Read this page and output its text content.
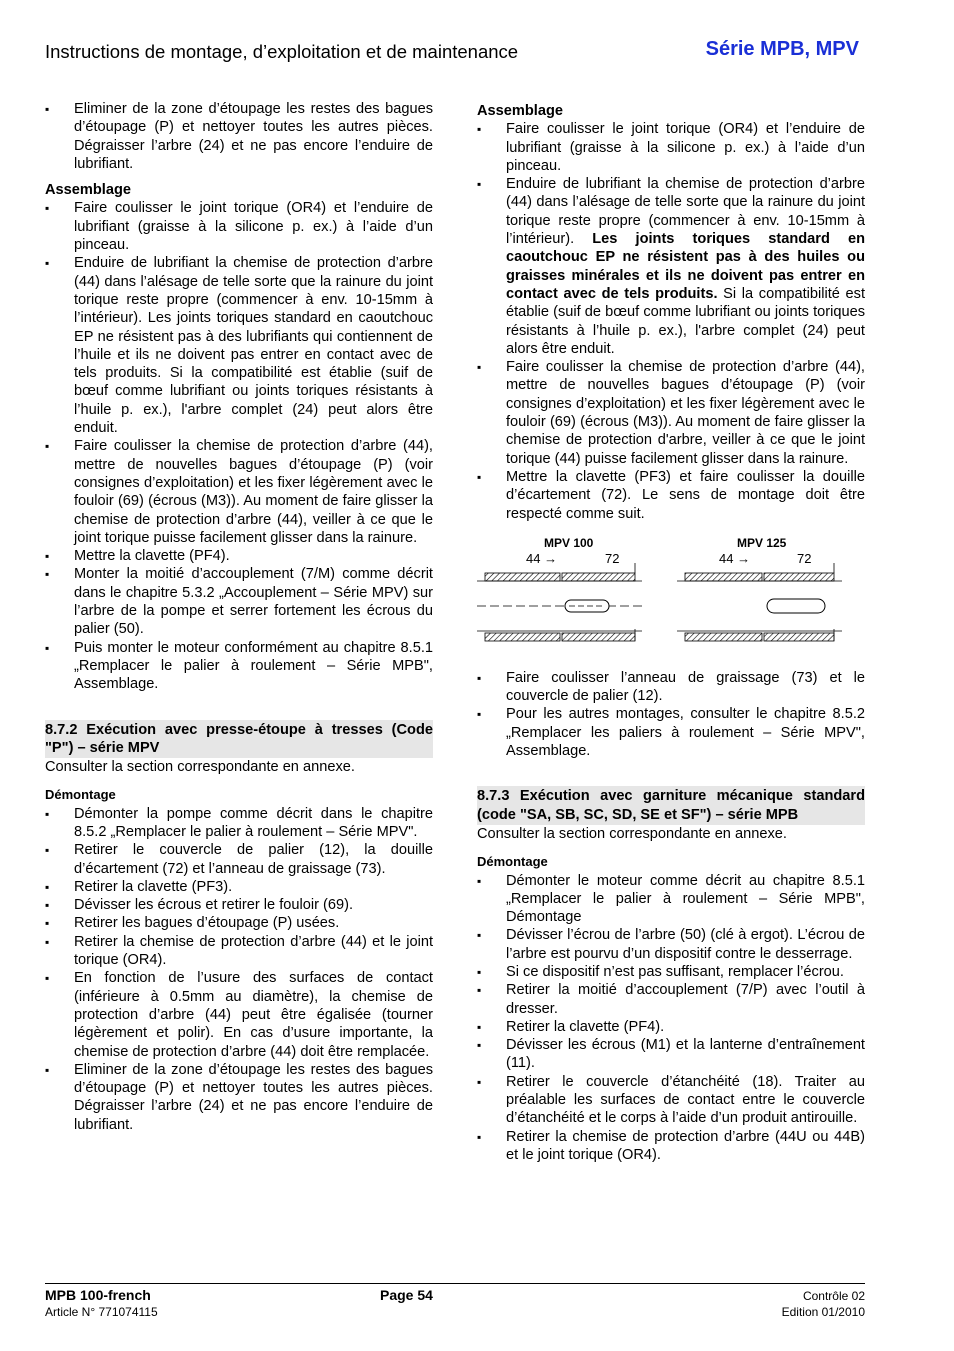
Instructions de montage, d’exploitation et de maintenance	Série MPB, MPV
▪ Eliminer de la zone d’étoupage les restes des bagues d’étoupage (P) et nettoyer toutes les autres pièces. Dégraisser l’arbre (24) et ne pas encore l’enduire de lubrifiant.
Assemblage
▪ Faire coulisser le joint torique (OR4) et l’enduire de lubrifiant (graisse à la silicone p. ex.) à l’aide d’un pinceau.
▪ Enduire de lubrifiant la chemise de protection d’arbre (44) dans l’alésage de telle sorte que la rainure du joint torique reste propre (commencer à env. 10-15mm à l’intérieur). Les joints toriques standard en caoutchouc EP ne résistent pas à des lubrifiants qui contiennent de l’huile et ils ne doivent pas entrer en contact avec de tels produits. Si la compatibilité est établie (suif de bœuf comme lubrifiant ou joints toriques résistants à l’huile p. ex.), l'arbre complet (24) peut alors être enduit.
▪ Faire coulisser la chemise de protection d’arbre (44), mettre de nouvelles bagues d’étoupage (P) (voir consignes d’exploitation) et les fixer légèrement avec le fouloir (69) (écrous (M3)). Au moment de faire glisser la chemise de protection d’arbre (44), veiller à ce que le joint torique puisse facilement glisser dans la rainure.
▪ Mettre la clavette (PF4).
▪ Monter la moitié d’accouplement (7/M) comme décrit dans le chapitre 5.3.2 „Accouplement – Série MPV) sur l’arbre de la pompe et serrer fortement les écrous du palier (50).
▪ Puis monter le moteur conformément au chapitre 8.5.1 „Remplacer le palier à roulement – Série MPB", Assemblage.
8.7.2 Exécution avec presse-étoupe à tresses (Code "P") – série MPV
Consulter la section correspondante en annexe.
Démontage
▪ Démonter la pompe comme décrit dans le chapitre 8.5.2 „Remplacer le palier à roulement – Série MPV".
▪ Retirer le couvercle de palier (12), la douille d’écartement (72) et l’anneau de graissage (73).
▪ Retirer la clavette (PF3).
▪ Dévisser les écrous et retirer le fouloir (69).
▪ Retirer les bagues d’étoupage (P) usées.
▪ Retirer la chemise de protection d’arbre (44) et le joint torique (OR4).
▪ En fonction de l’usure des surfaces de contact (inférieure à 0.5mm au diamètre), la chemise de protection d’arbre (44) peut être égalisée (tourner légèrement et polir). En cas d’usure importante, la chemise de protection d’arbre (44) doit être remplacée.
▪ Eliminer de la zone d’étoupage les restes des bagues d’étoupage (P) et nettoyer toutes les autres pièces. Dégraisser l’arbre (24) et ne pas encore l’enduire de lubrifiant.
Assemblage
▪ Faire coulisser le joint torique (OR4) et l’enduire de lubrifiant (graisse à la silicone p. ex.) à l’aide d’un pinceau.
▪ Enduire de lubrifiant la chemise de protection d’arbre (44) dans l’alésage de telle sorte que la rainure du joint torique reste propre (commencer à env. 10-15mm à l’intérieur). Les joints toriques standard en caoutchouc EP ne résistent pas à des huiles ou graisses minérales et ils ne doivent pas entrer en contact avec de tels produits. Si la compatibilité est établie (suif de bœuf comme lubrifiant ou joints toriques résistants à l’huile p. ex.), l'arbre complet (24) peut alors être enduit.
▪ Faire coulisser la chemise de protection d’arbre (44), mettre de nouvelles bagues d’étoupage (P) (voir consignes d’exploitation) et les fixer légèrement avec le fouloir (69) (écrous (M3)). Au moment de faire glisser la chemise de protection d'arbre, veiller à ce que le joint torique (44) puisse facilement glisser dans la rainure.
▪ Mettre la clavette (PF3) et faire coulisser la douille d’écartement (72). Le sens de montage doit être respecté comme suit.
MPV 100
44 →	72
MPV 125
44 →	72
▪ Faire coulisser l’anneau de graissage (73) et le couvercle de palier (12).
▪ Pour les autres montages, consulter le chapitre 8.5.2 „Remplacer les paliers à roulement – Série MPV", Assemblage.
8.7.3 Exécution avec garniture mécanique standard (code "SA, SB, SC, SD, SE et SF") – série MPB
Consulter la section correspondante en annexe.
Démontage
▪ Démonter le moteur comme décrit au chapitre 8.5.1 „Remplacer le palier à roulement – Série MPB", Démontage
▪ Dévisser l’écrou de l’arbre (50) (clé à ergot). L’écrou de l’arbre est pourvu d’un dispositif contre le desserrage.
▪ Si ce dispositif n’est pas suffisant, remplacer l’écrou.
▪ Retirer la moitié d’accouplement (7/P) avec l’outil à dresser.
▪ Retirer la clavette (PF4).
▪ Dévisser les écrous (M1) et la lanterne d’entraînement (11).
▪ Retirer le couvercle d’étanchéité (18). Traiter au préalable les surfaces de contact entre le couvercle d’étanchéité et le corps à l’aide d’un produit antirouille.
▪ Retirer la chemise de protection d’arbre (44U ou 44B) et le joint torique (OR4).
MPB 100-french	Page 54	Contrôle 02
Article N° 771074115	Edition 01/2010
